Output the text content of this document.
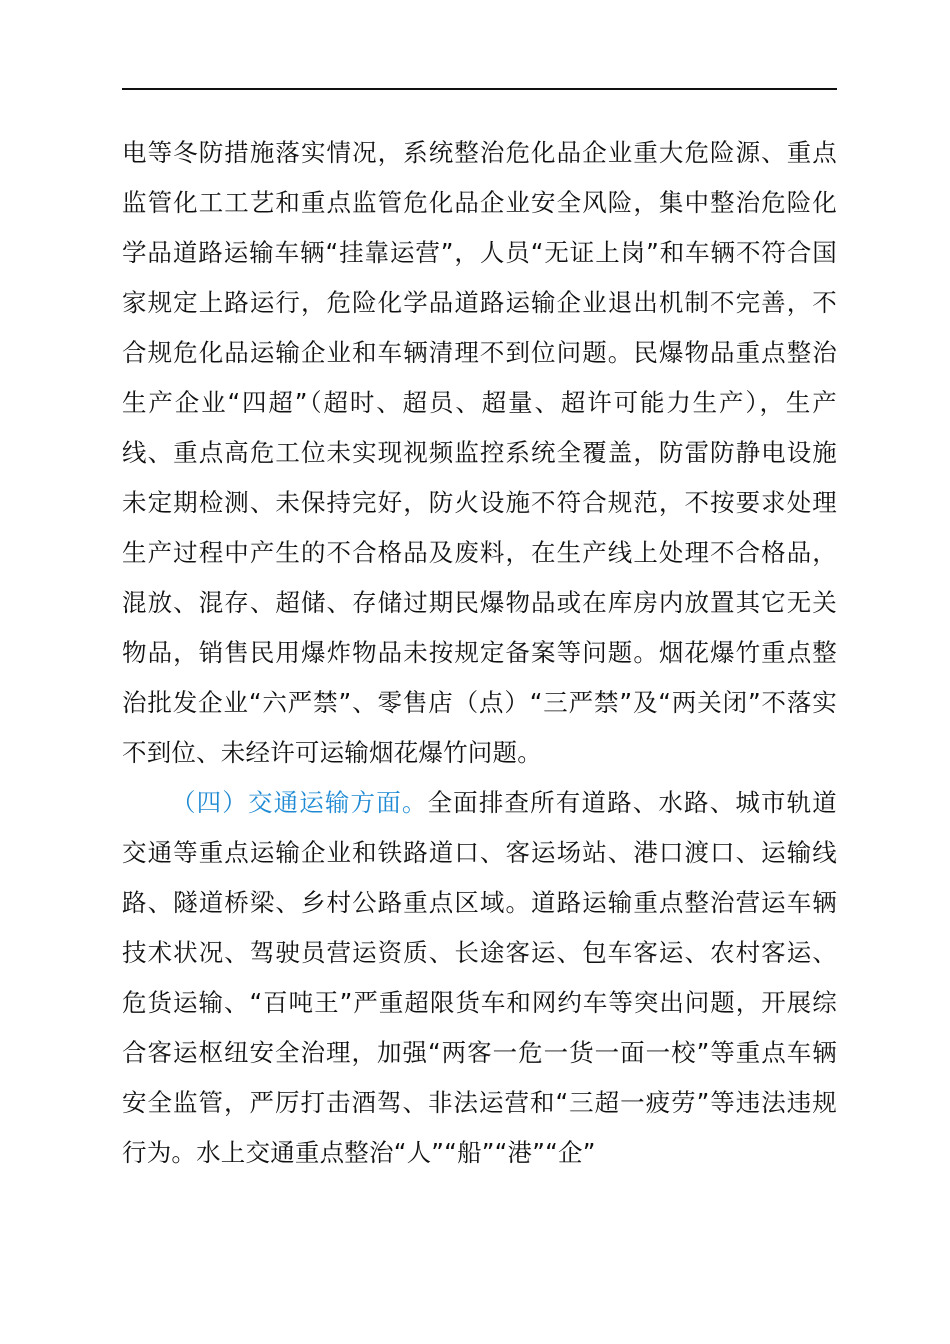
电等冬防措施落实情况，系统整治危化品企业重大危险源、重点监管化工工艺和重点监管危化品企业安全风险，集中整治危险化学品道路运输车辆“挂靠运营”，人员“无证上岗”和车辆不符合国家规定上路运行，危险化学品道路运输企业退出机制不完善，不合规危化品运输企业和车辆清理不到位问题。民爆物品重点整治生产企业“四超”（超时、超员、超量、超许可能力生产），生产线、重点高危工位未实现视频监控系统全覆盖，防雷防静电设施未定期检测、未保持完好，防火设施不符合规范，不按要求处理生产过程中产生的不合格品及废料，在生产线上处理不合格品，混放、混存、超储、存储过期民爆物品或在库房内放置其它无关物品，销售民用爆炸物品未按规定备案等问题。烟花爆竹重点整治批发企业“六严禁”、零售店（点）“三严禁”及“两关闭”不落实不到位、未经许可运输烟花爆竹问题。

（四）交通运输方面。全面排查所有道路、水路、城市轨道交通等重点运输企业和铁路道口、客运场站、港口渡口、运输线路、隧道桥梁、乡村公路重点区域。道路运输重点整治营运车辆技术状况、驾驶员营运资质、长途客运、包车客运、农村客运、危货运输、“百吨王”严重超限货车和网约车等突出问题，开展综合客运枢纽安全治理，加强“两客一危一货一面一校”等重点车辆安全监管，严厉打击酒驾、非法运营和“三超一疲劳”等违法违规行为。水上交通重点整治“人”“船”“港”“企”
